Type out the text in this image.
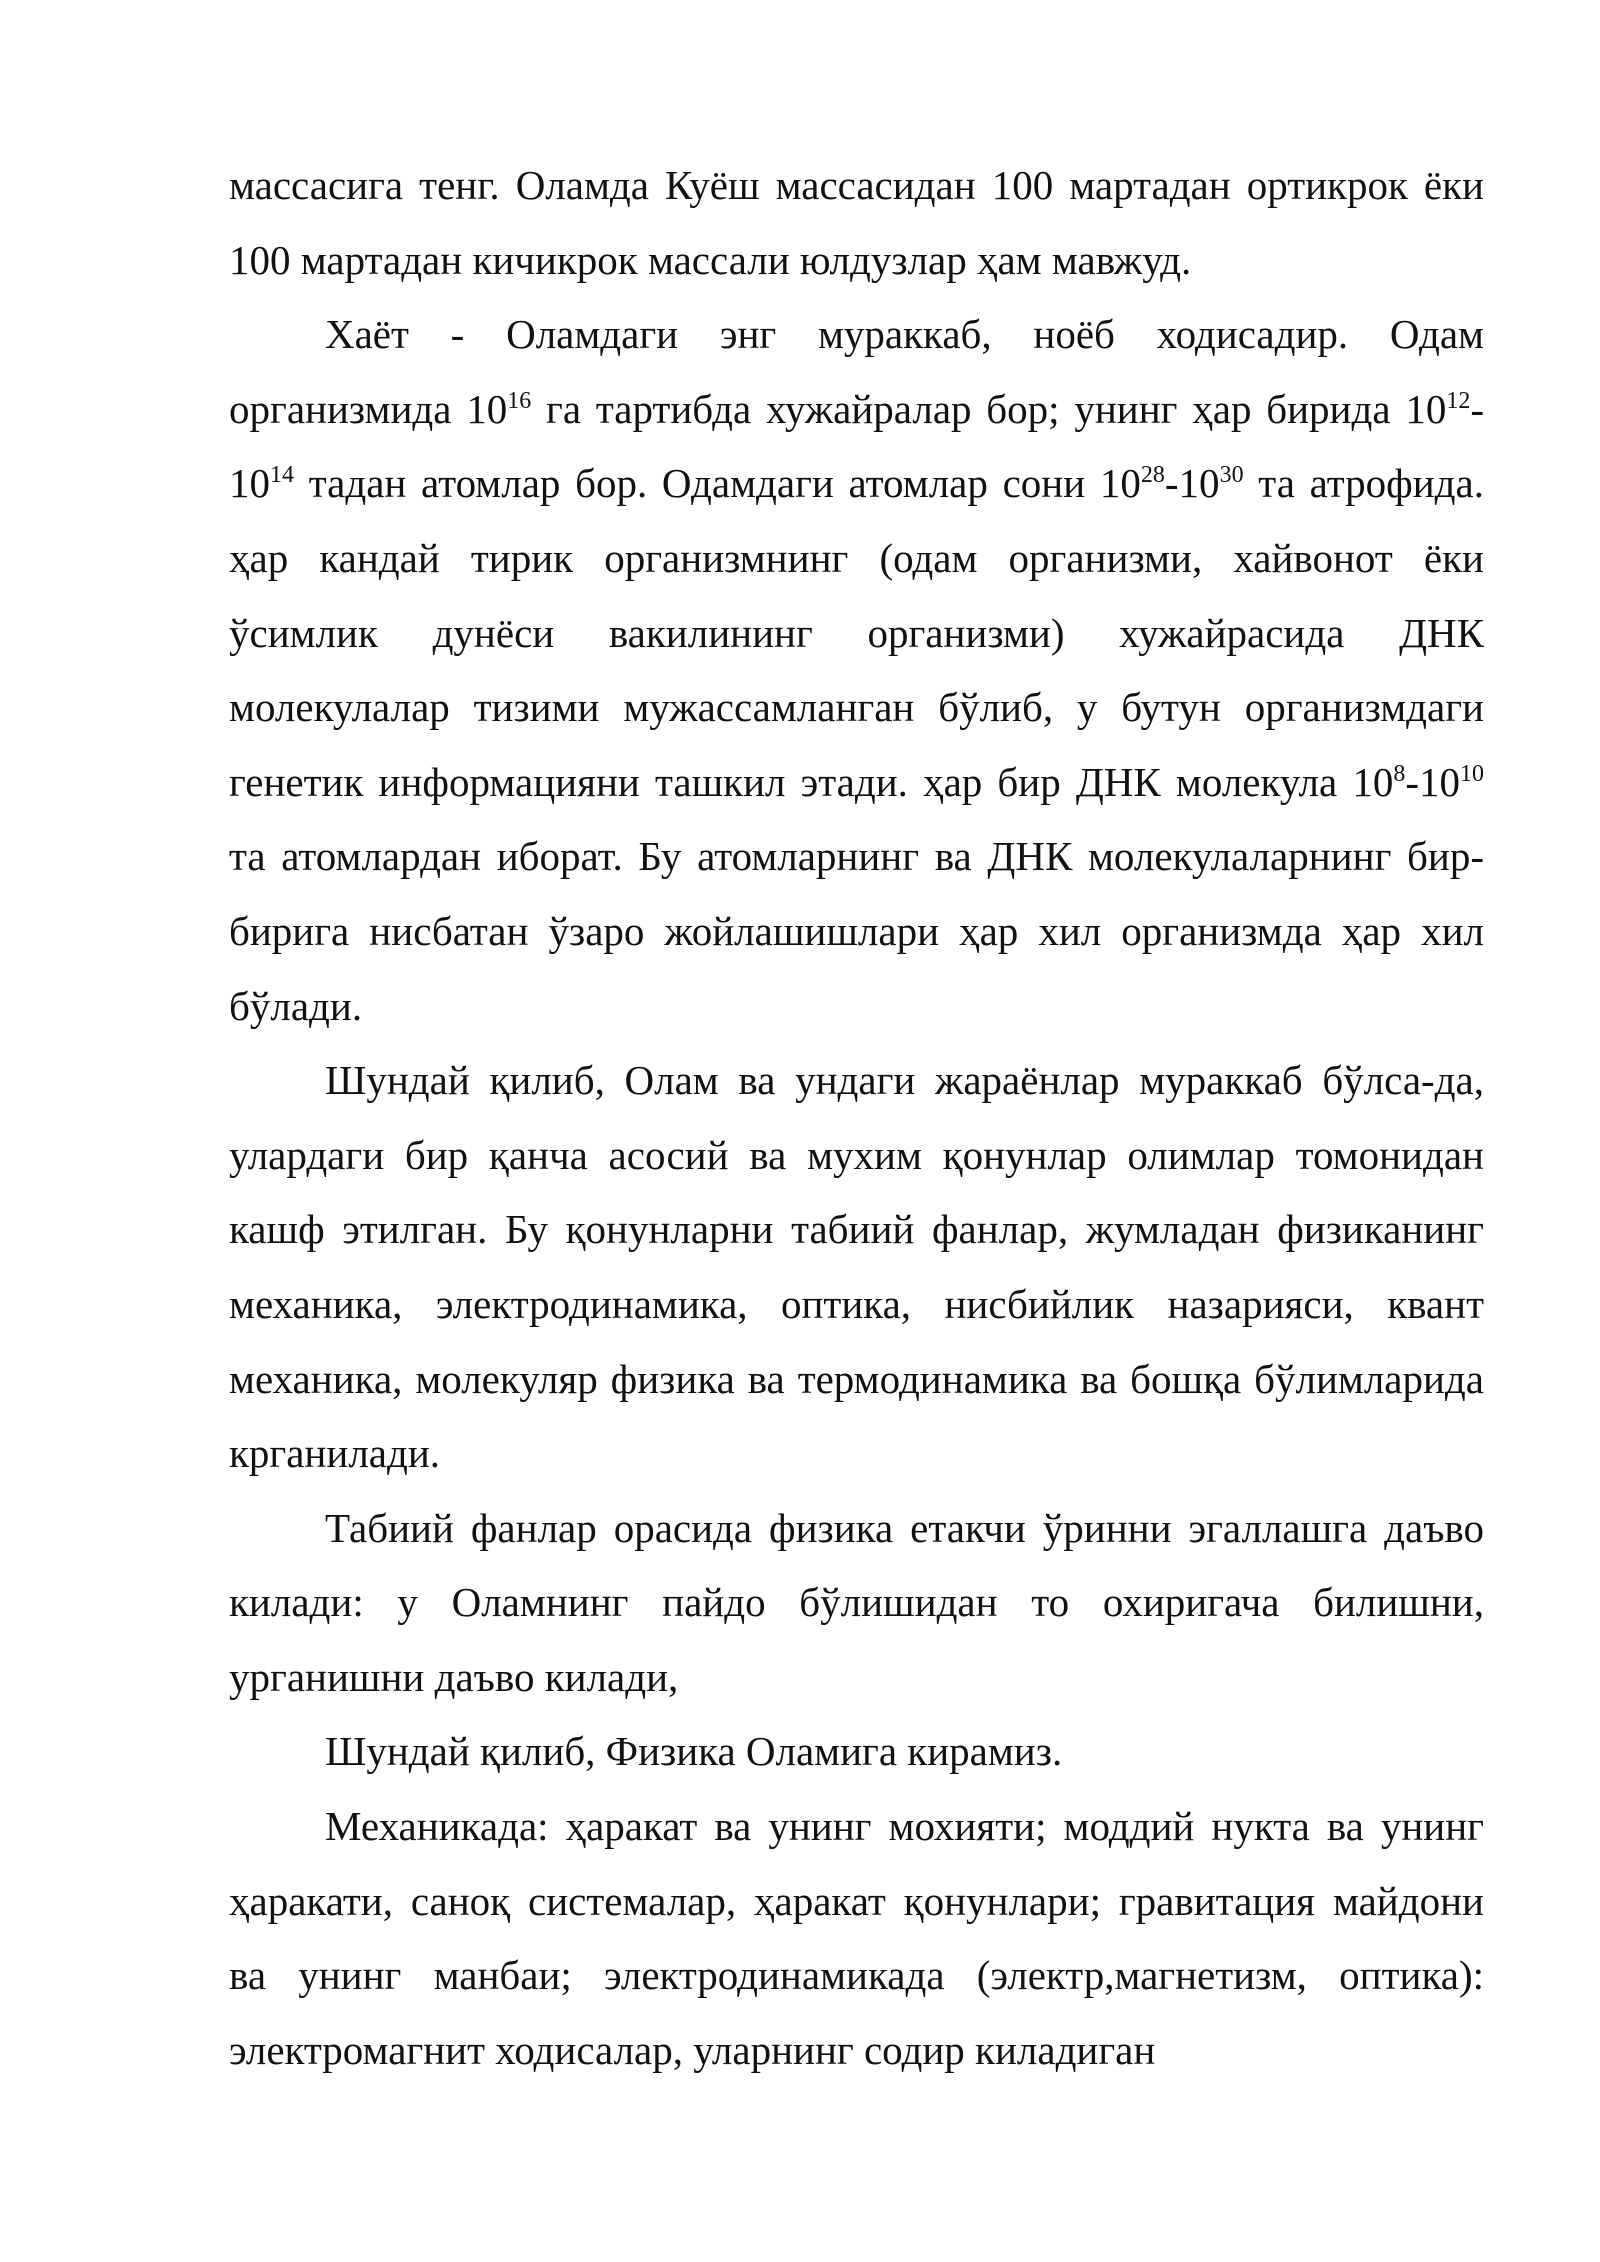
массасига тенг. Оламда Куёш массасидан 100 мартадан ортикрок ёки 100 мартадан кичикрок массали юлдузлар ҳам мавжуд.

Хаёт - Оламдаги энг мураккаб, ноёб ходисадир. Одам организмида $10^{16}$ га тартибда хужайралар бор; унинг ҳар бирида $10^{12}-10^{14}$ тадан атомлар бор. Одамдаги атомлар сони $10^{28}-10^{30}$ та атрофида. ҳар кандай тирик организмнинг (одам организми, хайвонот ёки ўсимлик дунёси вакилининг организми) хужайрасида ДНК молекулалар тизими мужассамланган бўлиб, у бутун организмдаги генетик информацияни ташкил этади. ҳар бир ДНК молекула $10^8-10^{10}$ та атомлардан иборат. Бу атомларнинг ва ДНК молекулаларнинг бир-бирига нисбатан ўзаро жойлашишлари ҳар хил организмда ҳар хил бўлади.

Шундай қилиб, Олам ва ундаги жараёнлар мураккаб бўлса-да, улардаги бир қанча асосий ва мухим қонунлар олимлар томонидан кашф этилган. Бу қонунларни табиий фанлар, жумладан физиканинг механика, электродинамика, оптика, нисбийлик назарияси, квант механика, молекуляр физика ва термодинамика ва бошқа бўлимларида крганилади.

Табиий фанлар орасида физика етакчи ўринни эгаллашга даъво килади: у Оламнинг пайдо бўлишидан то охиригача билишни, урганишни даъво килади,

Шундай қилиб, Физика Оламига кирамиз.

Механикада: ҳаракат ва унинг мохияти; моддий нукта ва унинг ҳаракати, саноқ системалар, ҳаракат қонунлари; гравитация майдони ва унинг манбаи; электродинамикада (электр,магнетизм, оптика): электромагнит ходисалар, уларнинг содир киладиган
